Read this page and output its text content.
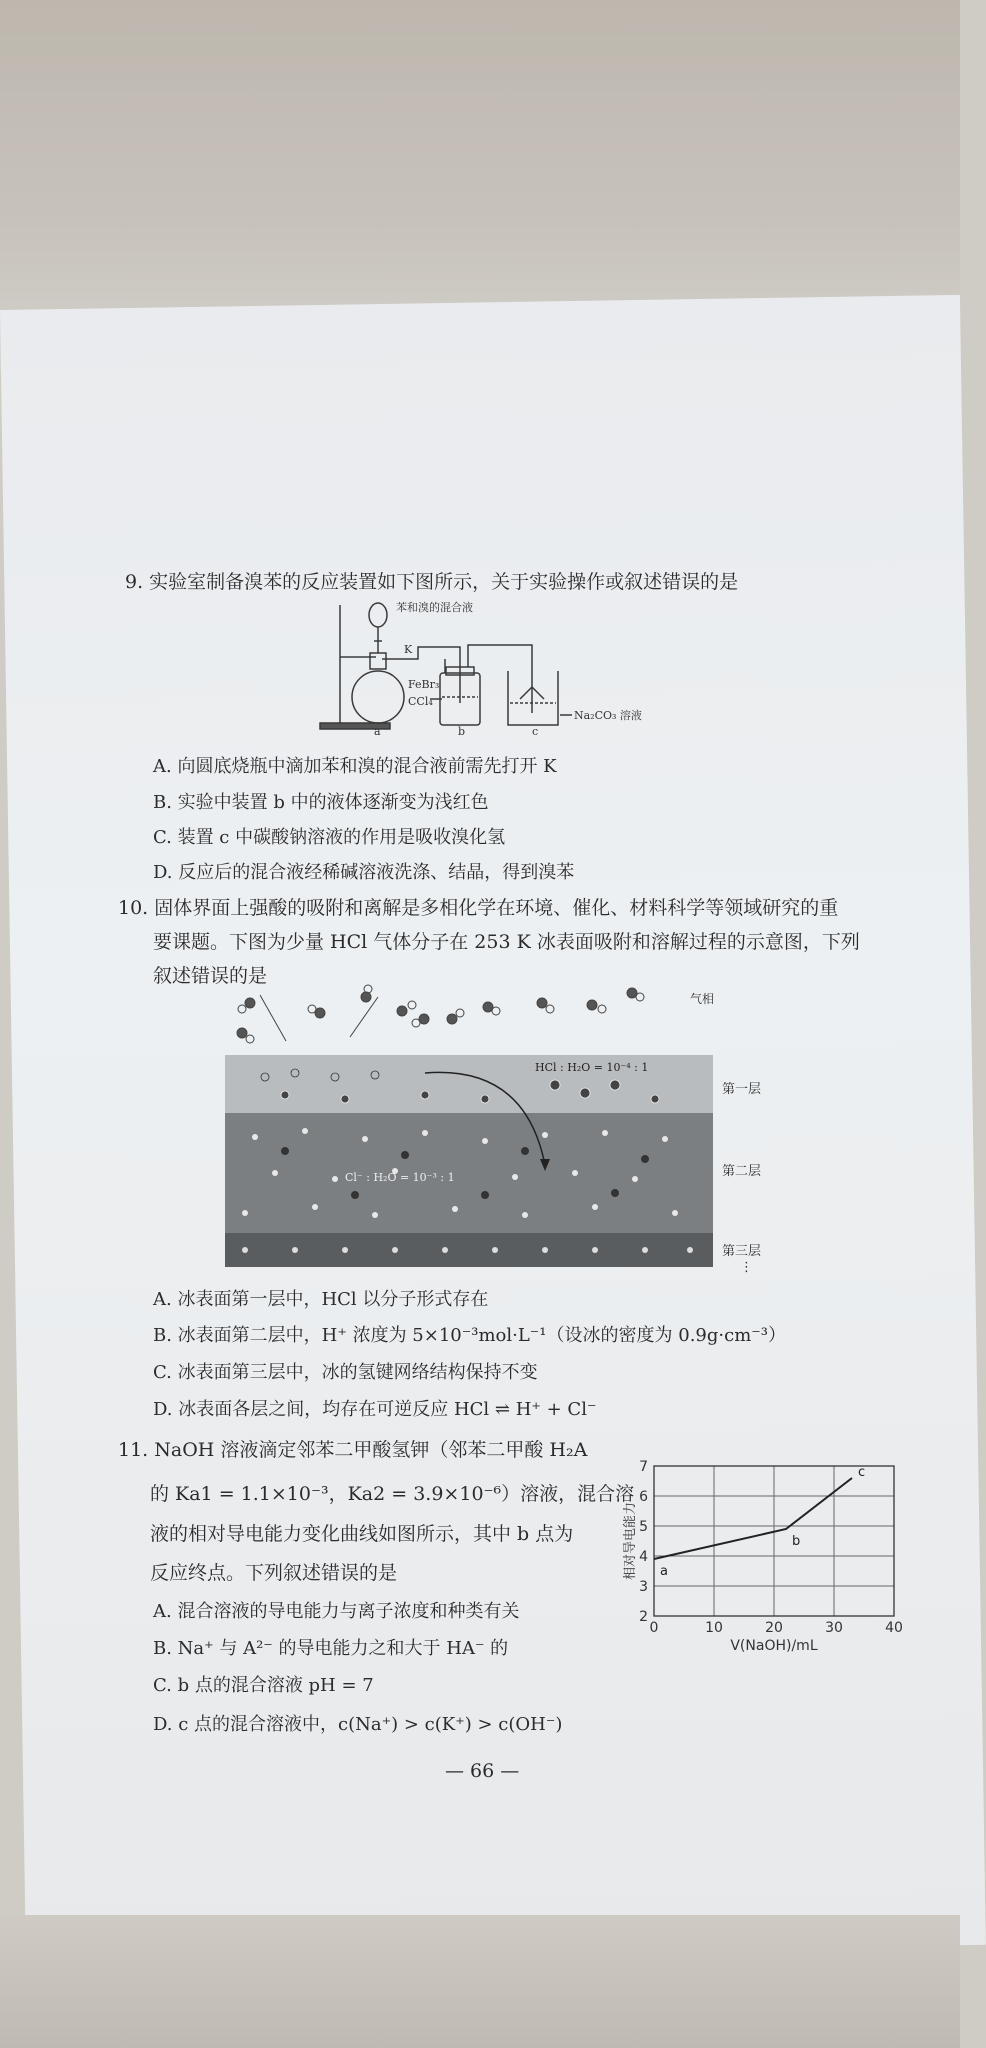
9. 实验室制备溴苯的反应装置如下图所示，关于实验操作或叙述错误的是
苯和溴的混合液
K
FeBr₃
CCl₄
Na₂CO₃ 溶液
a	b	c
A. 向圆底烧瓶中滴加苯和溴的混合液前需先打开 K
B. 实验中装置 b 中的液体逐渐变为浅红色
C. 装置 c 中碳酸钠溶液的作用是吸收溴化氢
D. 反应后的混合液经稀碱溶液洗涤、结晶，得到溴苯
10. 固体界面上强酸的吸附和离解是多相化学在环境、催化、材料科学等领域研究的重
要课题。下图为少量 HCl 气体分子在 253 K 冰表面吸附和溶解过程的示意图，下列
叙述错误的是
气相
HCl : H₂O = 10⁻⁴ : 1
Cl⁻ : H₂O = 10⁻³ : 1
第一层
第二层
第三层
⋮
A. 冰表面第一层中，HCl 以分子形式存在
B. 冰表面第二层中，H⁺ 浓度为 5×10⁻³mol·L⁻¹（设冰的密度为 0.9g·cm⁻³）
C. 冰表面第三层中，冰的氢键网络结构保持不变
D. 冰表面各层之间，均存在可逆反应 HCl ⇌ H⁺ + Cl⁻
11. NaOH 溶液滴定邻苯二甲酸氢钾（邻苯二甲酸 H₂A
的 Ka1 = 1.1×10⁻³，Ka2 = 3.9×10⁻⁶）溶液，混合溶
液的相对导电能力变化曲线如图所示，其中 b 点为
反应终点。下列叙述错误的是
A. 混合溶液的导电能力与离子浓度和种类有关
B. Na⁺ 与 A²⁻ 的导电能力之和大于 HA⁻ 的
C. b 点的混合溶液 pH = 7
D. c 点的混合溶液中，c(Na⁺) > c(K⁺) > c(OH⁻)
0	10	20	30	40
2
3
4
5
6
7
a
b
c
V(NaOH)/mL
相对导电能力
— 66 —
